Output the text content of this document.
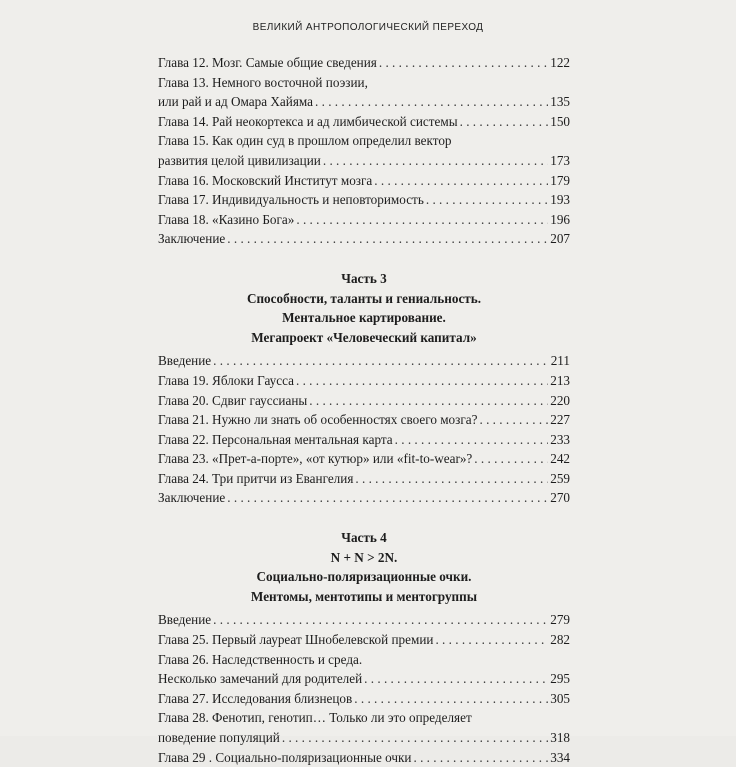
ВЕЛИКИЙ АНТРОПОЛОГИЧЕСКИЙ ПЕРЕХОД
Глава 12. Мозг. Самые общие сведения . . .	122
Глава 13. Немного восточной поэзии,
или рай и ад Омара Хайяма . . .	135
Глава 14. Рай неокортекса и ад лимбической системы . . .	150
Глава 15. Как один суд в прошлом определил вектор
развития целой цивилизации . . .	173
Глава 16. Московский Институт мозга . . .	179
Глава 17. Индивидуальность и неповторимость . . .	193
Глава 18. «Казино Бога» . . .	196
Заключение . . .	207
Часть 3
Способности, таланты и гениальность.
Ментальное картирование.
Мегапроект «Человеческий капитал»
Введение . . .	211
Глава 19. Яблоки Гаусса . . .	213
Глава 20. Сдвиг гауссианы . . .	220
Глава 21. Нужно ли знать об особенностях своего мозга? . . .	227
Глава 22. Персональная ментальная карта . . .	233
Глава 23. «Прет-а-порте», «от кутюр» или «fit-to-wear»? . . .	242
Глава 24. Три притчи из Евангелия . . .	259
Заключение . . .	270
Часть 4
N + N > 2N.
Социально-поляризационные очки.
Ментомы, ментотипы и ментогруппы
Введение . . .	279
Глава 25. Первый лауреат Шнобелевской премии . . .	282
Глава 26. Наследственность и среда.
Несколько замечаний для родителей . . .	295
Глава 27. Исследования близнецов . . .	305
Глава 28. Фенотип, генотип… Только ли это определяет
поведение популяций . . .	318
Глава 29 . Социально-поляризационные очки . . .	334
